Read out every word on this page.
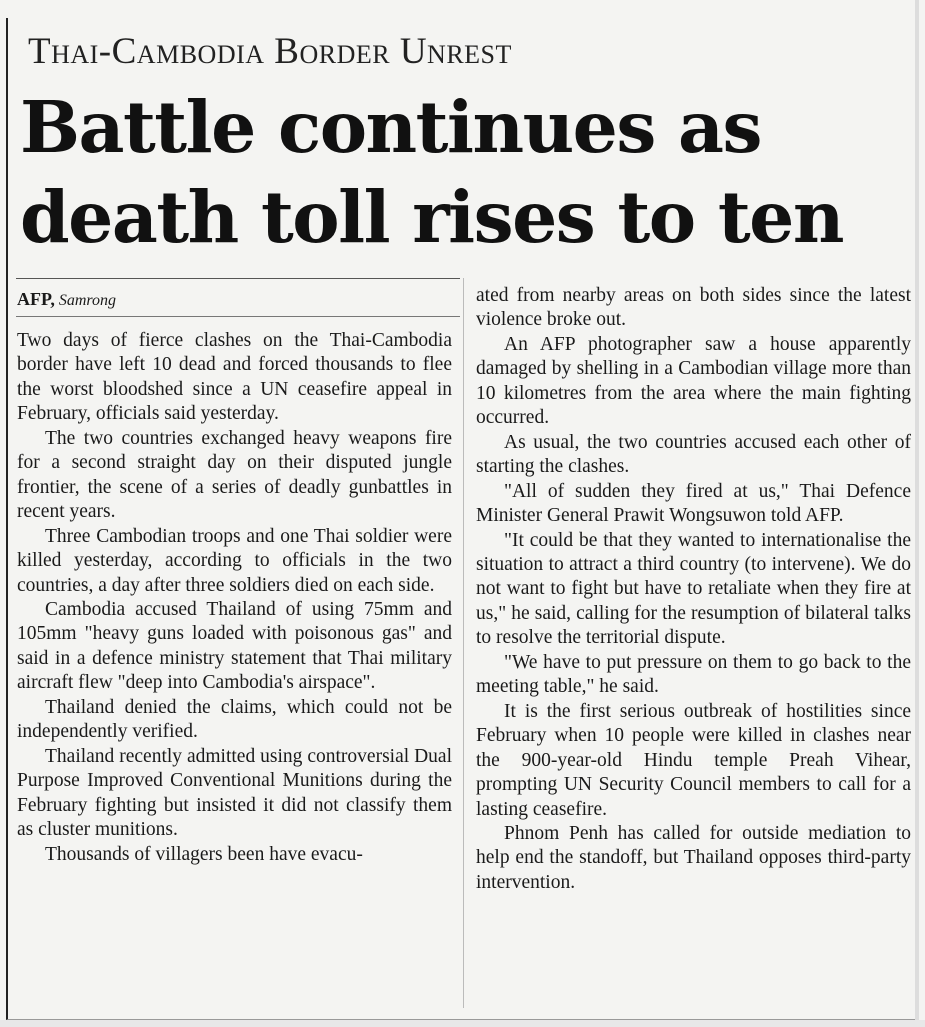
Thai-Cambodia Border Unrest
Battle continues as
death toll rises to ten
AFP, Samrong

Two days of fierce clashes on the Thai-Cambodia border have left 10 dead and forced thousands to flee the worst bloodshed since a UN ceasefire appeal in February, officials said yesterday.

The two countries exchanged heavy weapons fire for a second straight day on their disputed jungle frontier, the scene of a series of deadly gunbattles in recent years.

Three Cambodian troops and one Thai soldier were killed yesterday, according to officials in the two countries, a day after three soldiers died on each side.

Cambodia accused Thailand of using 75mm and 105mm "heavy guns loaded with poisonous gas" and said in a defence ministry statement that Thai military aircraft flew "deep into Cambodia's airspace".

Thailand denied the claims, which could not be independently verified.

Thailand recently admitted using controversial Dual Purpose Improved Conventional Munitions during the February fighting but insisted it did not classify them as cluster munitions.

Thousands of villagers been have evacu-

ated from nearby areas on both sides since the latest violence broke out.

An AFP photographer saw a house apparently damaged by shelling in a Cambodian village more than 10 kilometres from the area where the main fighting occurred.

As usual, the two countries accused each other of starting the clashes.

"All of sudden they fired at us," Thai Defence Minister General Prawit Wongsuwon told AFP.

"It could be that they wanted to internationalise the situation to attract a third country (to intervene). We do not want to fight but have to retaliate when they fire at us," he said, calling for the resumption of bilateral talks to resolve the territorial dispute.

"We have to put pressure on them to go back to the meeting table," he said.

It is the first serious outbreak of hostilities since February when 10 people were killed in clashes near the 900-year-old Hindu temple Preah Vihear, prompting UN Security Council members to call for a lasting ceasefire.

Phnom Penh has called for outside mediation to help end the standoff, but Thailand opposes third-party intervention.
